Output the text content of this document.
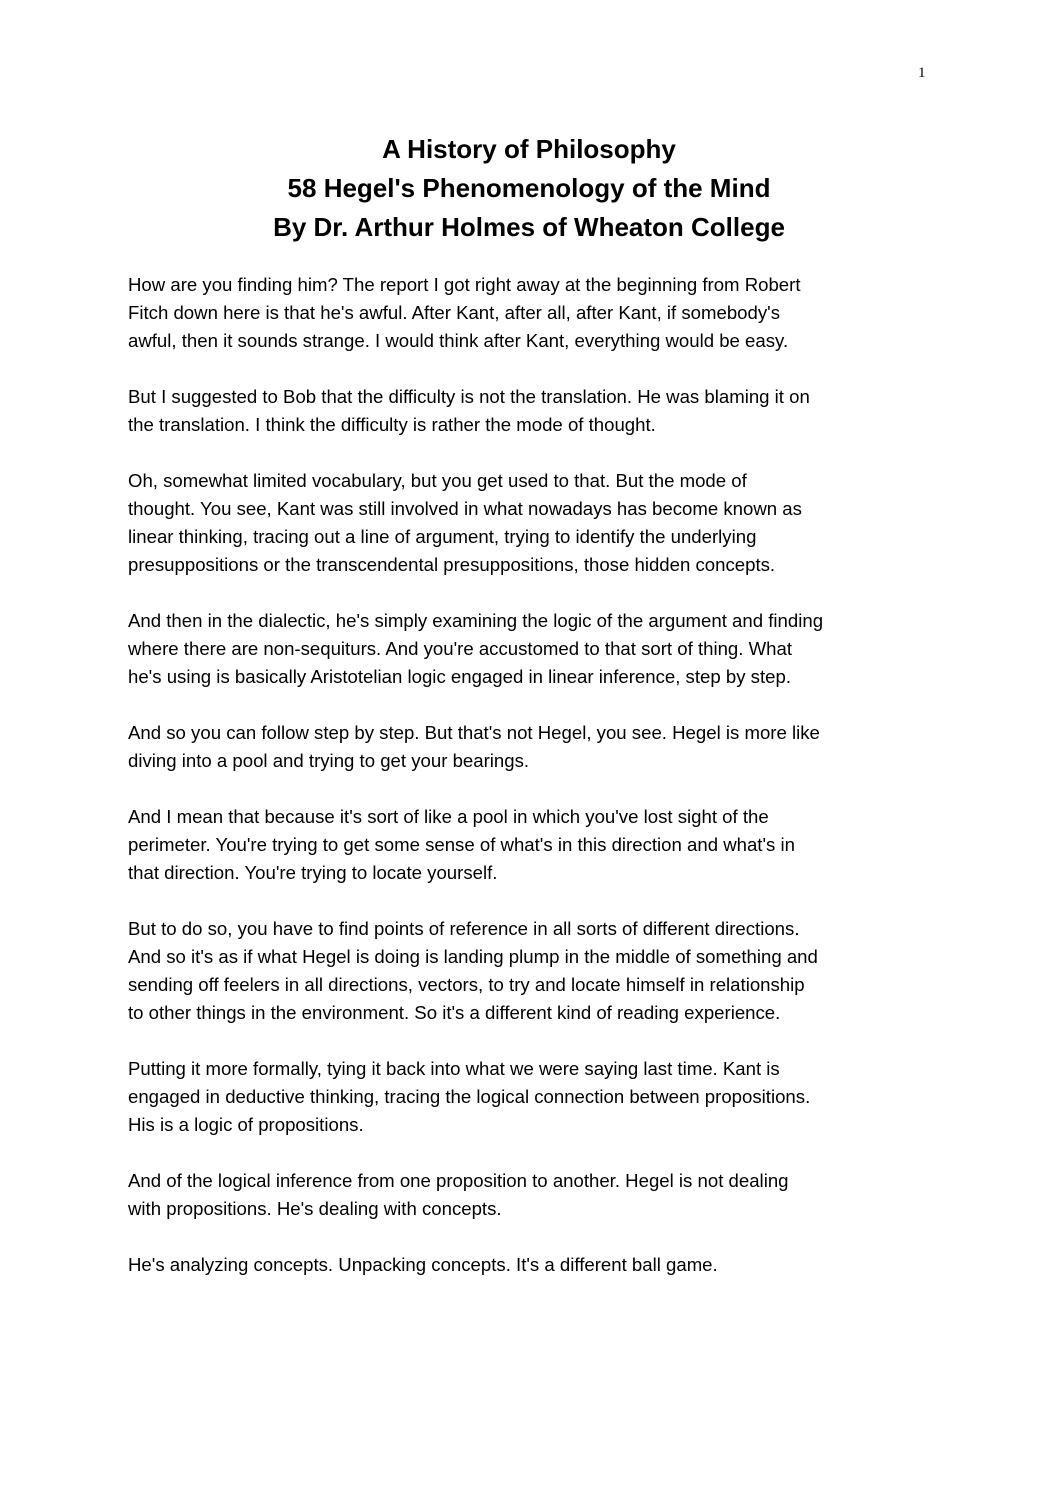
1
A History of Philosophy
58 Hegel's Phenomenology of the Mind
By Dr. Arthur Holmes of Wheaton College

How are you finding him? The report I got right away at the beginning from Robert
Fitch down here is that he's awful. After Kant, after all, after Kant, if somebody's
awful, then it sounds strange. I would think after Kant, everything would be easy.

But I suggested to Bob that the difficulty is not the translation. He was blaming it on
the translation. I think the difficulty is rather the mode of thought.

Oh, somewhat limited vocabulary, but you get used to that. But the mode of
thought. You see, Kant was still involved in what nowadays has become known as
linear thinking, tracing out a line of argument, trying to identify the underlying
presuppositions or the transcendental presuppositions, those hidden concepts.

And then in the dialectic, he's simply examining the logic of the argument and finding
where there are non-sequiturs. And you're accustomed to that sort of thing. What
he's using is basically Aristotelian logic engaged in linear inference, step by step.

And so you can follow step by step. But that's not Hegel, you see. Hegel is more like
diving into a pool and trying to get your bearings.

And I mean that because it's sort of like a pool in which you've lost sight of the
perimeter. You're trying to get some sense of what's in this direction and what's in
that direction. You're trying to locate yourself.

But to do so, you have to find points of reference in all sorts of different directions.
And so it's as if what Hegel is doing is landing plump in the middle of something and
sending off feelers in all directions, vectors, to try and locate himself in relationship
to other things in the environment. So it's a different kind of reading experience.

Putting it more formally, tying it back into what we were saying last time. Kant is
engaged in deductive thinking, tracing the logical connection between propositions.
His is a logic of propositions.

And of the logical inference from one proposition to another. Hegel is not dealing
with propositions. He's dealing with concepts.

He's analyzing concepts. Unpacking concepts. It's a different ball game.
